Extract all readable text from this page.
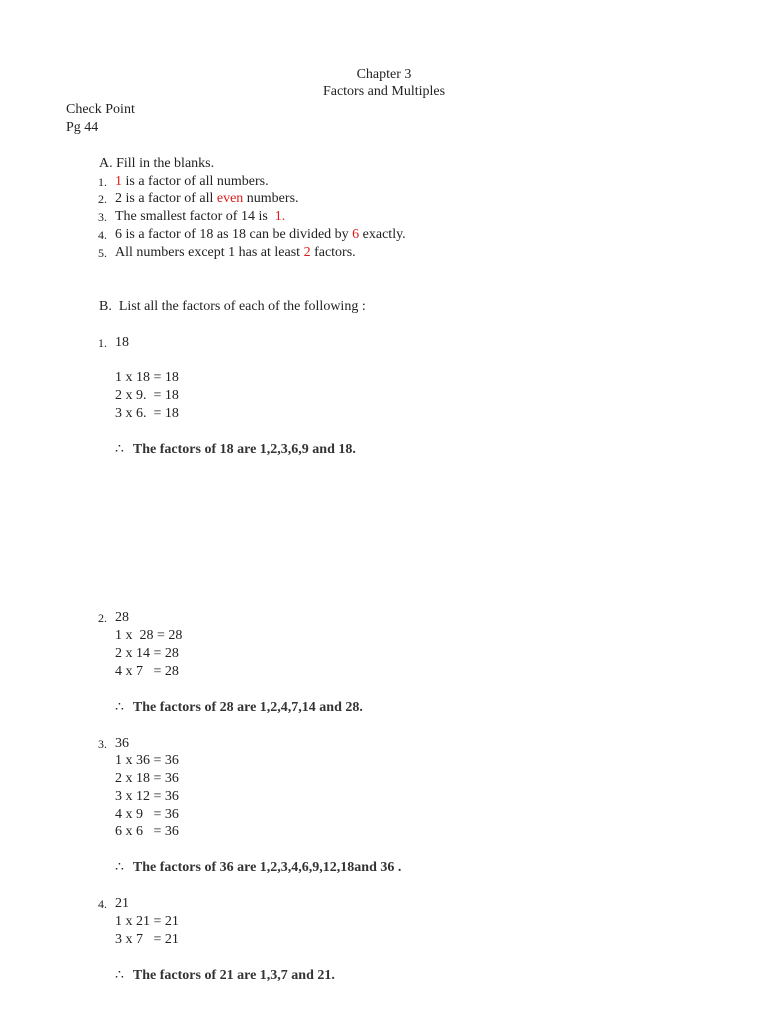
Chapter 3
Factors and Multiples
Check Point
Pg 44
A. Fill in the blanks.
1. 1 is a factor of all numbers.
2. 2 is a factor of all even numbers.
3. The smallest factor of 14 is  1.
4. 6 is a factor of 18 as 18 can be divided by 6 exactly.
5. All numbers except 1 has at least 2 factors.
B.  List all the factors of each of the following :
1. 18
1 x 18 = 18
2 x 9.  = 18
3 x 6.  = 18
∴ The factors of 18 are 1,2,3,6,9 and 18.
2. 28
1 x  28 = 28
2 x 14 = 28
4 x 7   = 28
∴ The factors of 28 are 1,2,4,7,14 and 28.
3. 36
1 x 36 = 36
2 x 18 = 36
3 x 12 = 36
4 x 9   = 36
6 x 6   = 36
∴ The factors of 36 are 1,2,3,4,6,9,12,18and 36 .
4. 21
1 x 21 = 21
3 x 7   = 21
∴ The factors of 21 are 1,3,7 and 21.
